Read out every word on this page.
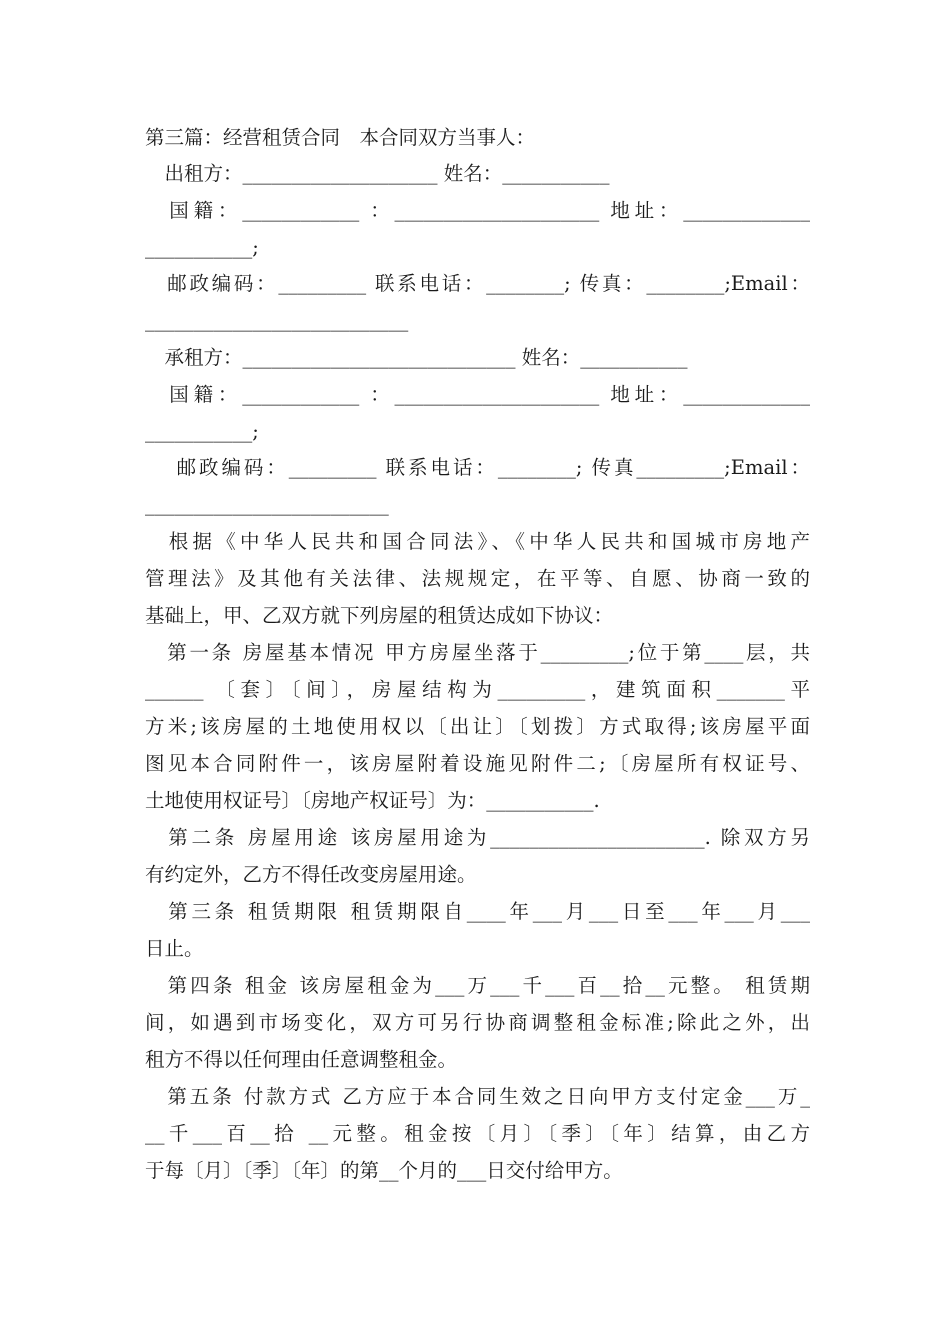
第三篇：经营租赁合同　本合同双方当事人：
　出租方：____________________ 姓名：___________
　国籍：____________ ：_____________________ 地址：_____________
___________;
　邮政编码：_________ 联系电话：________; 传真：________;Email：
___________________________
　承租方：____________________________ 姓名：___________
　国籍：____________ ：_____________________ 地址：_____________
___________;
　 邮政编码：_________ 联系电话：________; 传真_________;Email：
_________________________
　根据《中华人民共和国合同法》、《中华人民共和国城市房地产
管理法》及其他有关法律、法规规定，在平等、自愿、协商一致的
基础上，甲、乙双方就下列房屋的租赁达成如下协议：
　第一条 房屋基本情况 甲方房屋坐落于_________;位于第____层，共
______ 〔套〕〔间〕，房屋结构为_________，建筑面积_______平
方米;该房屋的土地使用权以〔出让〕〔划拨〕方式取得;该房屋平面
图见本合同附件一，该房屋附着设施见附件二;〔房屋所有权证号、
土地使用权证号〕〔房地产权证号〕为：___________.
　第二条 房屋用途 该房屋用途为______________________. 除双方另
有约定外，乙方不得任改变房屋用途。
　第三条 租赁期限 租赁期限自____年___月___日至___年___月___
日止。
　第四条 租金 该房屋租金为___万___千___百__拾__元整。 租赁期
间，如遇到市场变化，双方可另行协商调整租金标准;除此之外，出
租方不得以任何理由任意调整租金。
　第五条 付款方式 乙方应于本合同生效之日向甲方支付定金___万_
__千___百__拾 __元整。租金按〔月〕〔季〕〔年〕结算，由乙方
于每〔月〕〔季〕〔年〕的第__个月的___日交付给甲方。
